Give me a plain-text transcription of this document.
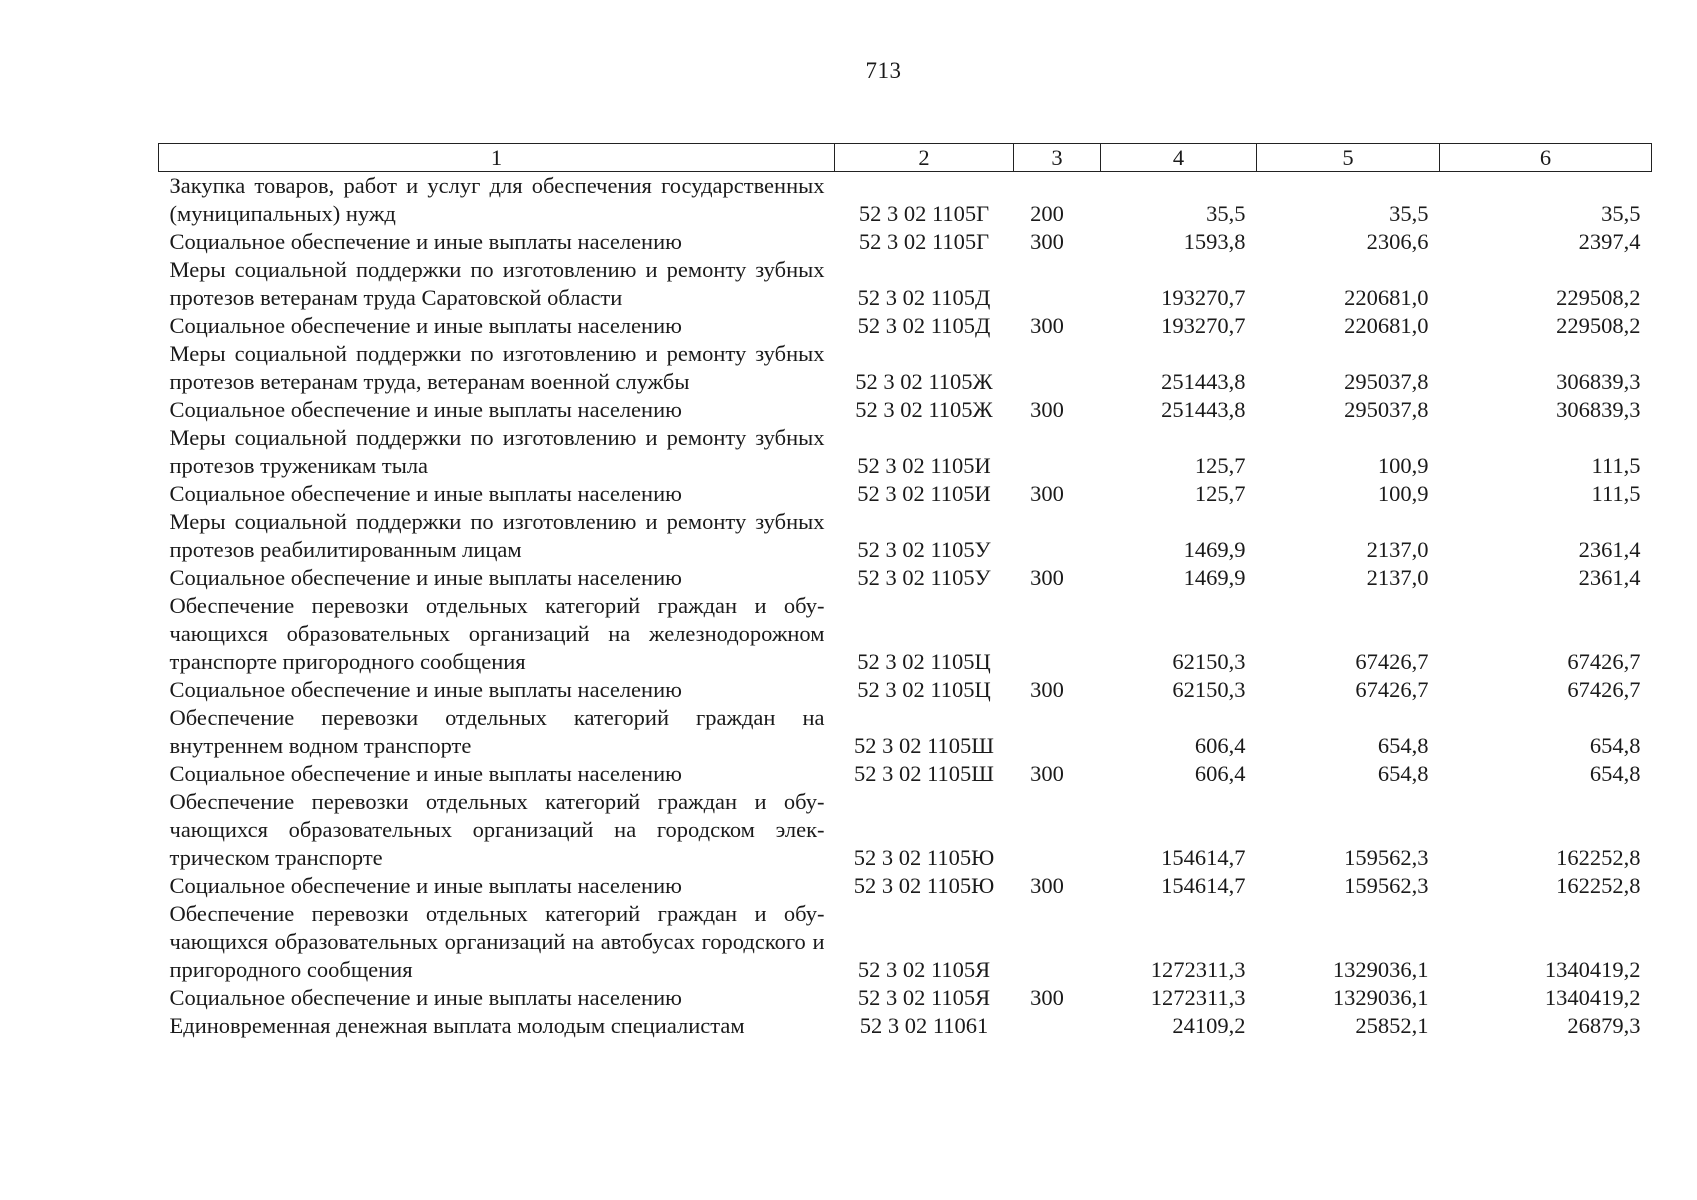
713
1	2	3	4	5	6
Закупка товаров, работ и услуг для обеспечения государственных (муниципальных) нужд	52 3 02 1105Г	200	35,5	35,5	35,5
Социальное обеспечение и иные выплаты населению	52 3 02 1105Г	300	1593,8	2306,6	2397,4
Меры социальной поддержки по изготовлению и ремонту зубных протезов ветеранам труда Саратовской области	52 3 02 1105Д		193270,7	220681,0	229508,2
Социальное обеспечение и иные выплаты населению	52 3 02 1105Д	300	193270,7	220681,0	229508,2
Меры социальной поддержки по изготовлению и ремонту зубных протезов ветеранам труда, ветеранам военной службы	52 3 02 1105Ж		251443,8	295037,8	306839,3
Социальное обеспечение и иные выплаты населению	52 3 02 1105Ж	300	251443,8	295037,8	306839,3
Меры социальной поддержки по изготовлению и ремонту зубных протезов труженикам тыла	52 3 02 1105И		125,7	100,9	111,5
Социальное обеспечение и иные выплаты населению	52 3 02 1105И	300	125,7	100,9	111,5
Меры социальной поддержки по изготовлению и ремонту зубных протезов реабилитированным лицам	52 3 02 1105У		1469,9	2137,0	2361,4
Социальное обеспечение и иные выплаты населению	52 3 02 1105У	300	1469,9	2137,0	2361,4
Обеспечение перевозки отдельных категорий граждан и обучающихся образовательных организаций на железнодорожном транспорте пригородного сообщения	52 3 02 1105Ц		62150,3	67426,7	67426,7
Социальное обеспечение и иные выплаты населению	52 3 02 1105Ц	300	62150,3	67426,7	67426,7
Обеспечение перевозки отдельных категорий граждан на внутреннем водном транспорте	52 3 02 1105Ш		606,4	654,8	654,8
Социальное обеспечение и иные выплаты населению	52 3 02 1105Ш	300	606,4	654,8	654,8
Обеспечение перевозки отдельных категорий граждан и обучающихся образовательных организаций на городском электрическом транспорте	52 3 02 1105Ю		154614,7	159562,3	162252,8
Социальное обеспечение и иные выплаты населению	52 3 02 1105Ю	300	154614,7	159562,3	162252,8
Обеспечение перевозки отдельных категорий граждан и обучающихся образовательных организаций на автобусах городского и пригородного сообщения	52 3 02 1105Я		1272311,3	1329036,1	1340419,2
Социальное обеспечение и иные выплаты населению	52 3 02 1105Я	300	1272311,3	1329036,1	1340419,2
Единовременная денежная выплата молодым специалистам	52 3 02 11061		24109,2	25852,1	26879,3
